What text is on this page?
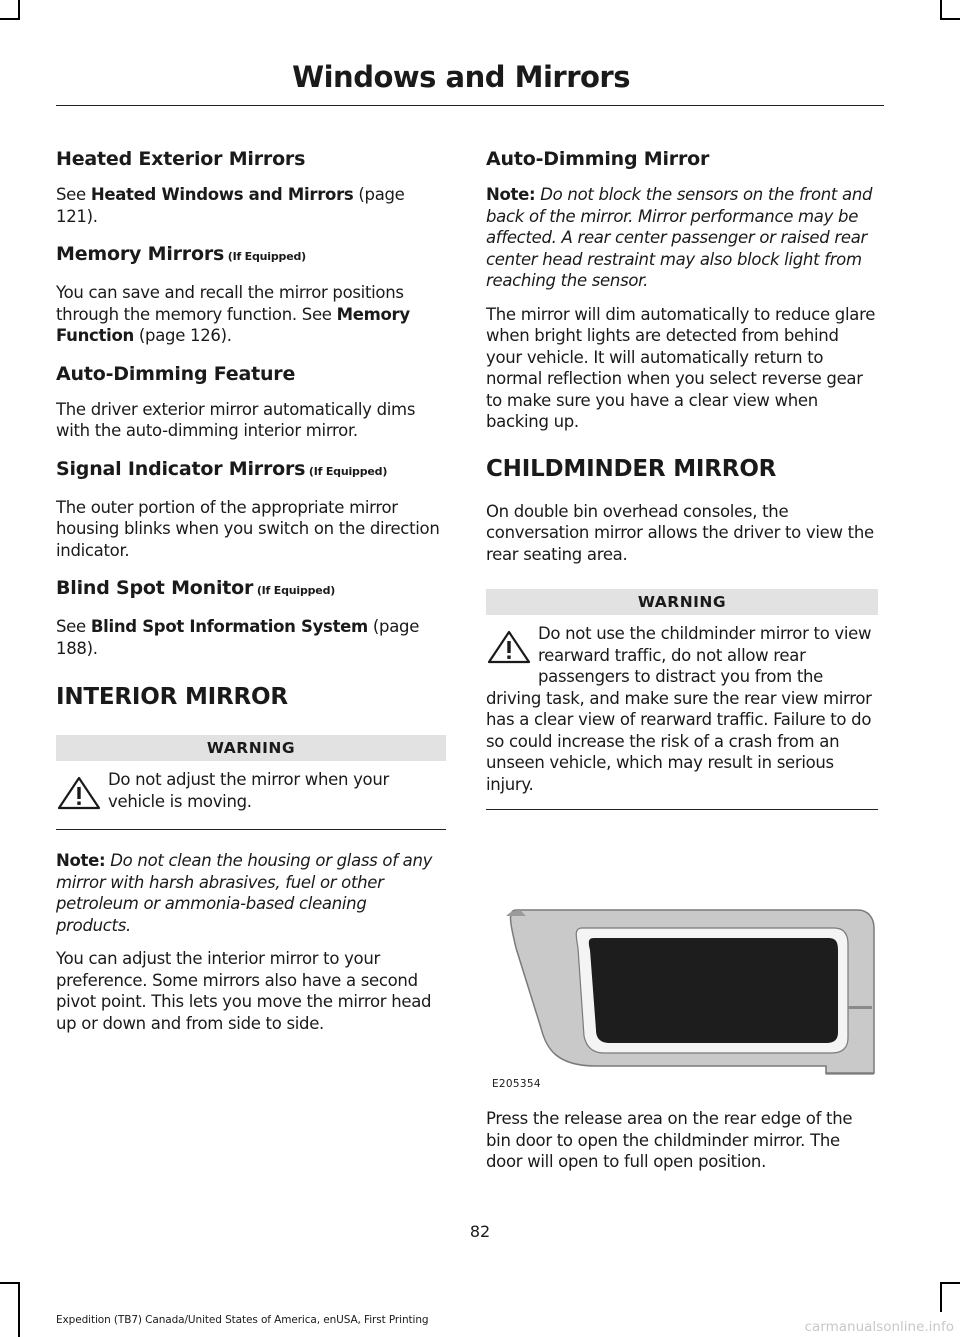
Windows and Mirrors
Heated Exterior Mirrors

See Heated Windows and Mirrors (page 121).

Memory Mirrors (If Equipped)

You can save and recall the mirror positions through the memory function. See Memory Function (page 126).

Auto-Dimming Feature

The driver exterior mirror automatically dims with the auto-dimming interior mirror.

Signal Indicator Mirrors (If Equipped)

The outer portion of the appropriate mirror housing blinks when you switch on the direction indicator.

Blind Spot Monitor (If Equipped)

See Blind Spot Information System (page 188).

INTERIOR MIRROR
WARNING
Do not adjust the mirror when your vehicle is moving.

Note: Do not clean the housing or glass of any mirror with harsh abrasives, fuel or other petroleum or ammonia-based cleaning products.

You can adjust the interior mirror to your preference. Some mirrors also have a second pivot point. This lets you move the mirror head up or down and from side to side.

Auto-Dimming Mirror

Note: Do not block the sensors on the front and back of the mirror. Mirror performance may be affected. A rear center passenger or raised rear center head restraint may also block light from reaching the sensor.

The mirror will dim automatically to reduce glare when bright lights are detected from behind your vehicle. It will automatically return to normal reflection when you select reverse gear to make sure you have a clear view when backing up.

CHILDMINDER MIRROR

On double bin overhead consoles, the conversation mirror allows the driver to view the rear seating area.

WARNING
Do not use the childminder mirror to view rearward traffic, do not allow rear passengers to distract you from the driving task, and make sure the rear view mirror has a clear view of rearward traffic. Failure to do so could increase the risk of a crash from an unseen vehicle, which may result in serious injury.
E205354

Press the release area on the rear edge of the bin door to open the childminder mirror. The door will open to full open position.

82
Expedition (TB7) Canada/United States of America, enUSA, First Printing	carmanualsonline.info
